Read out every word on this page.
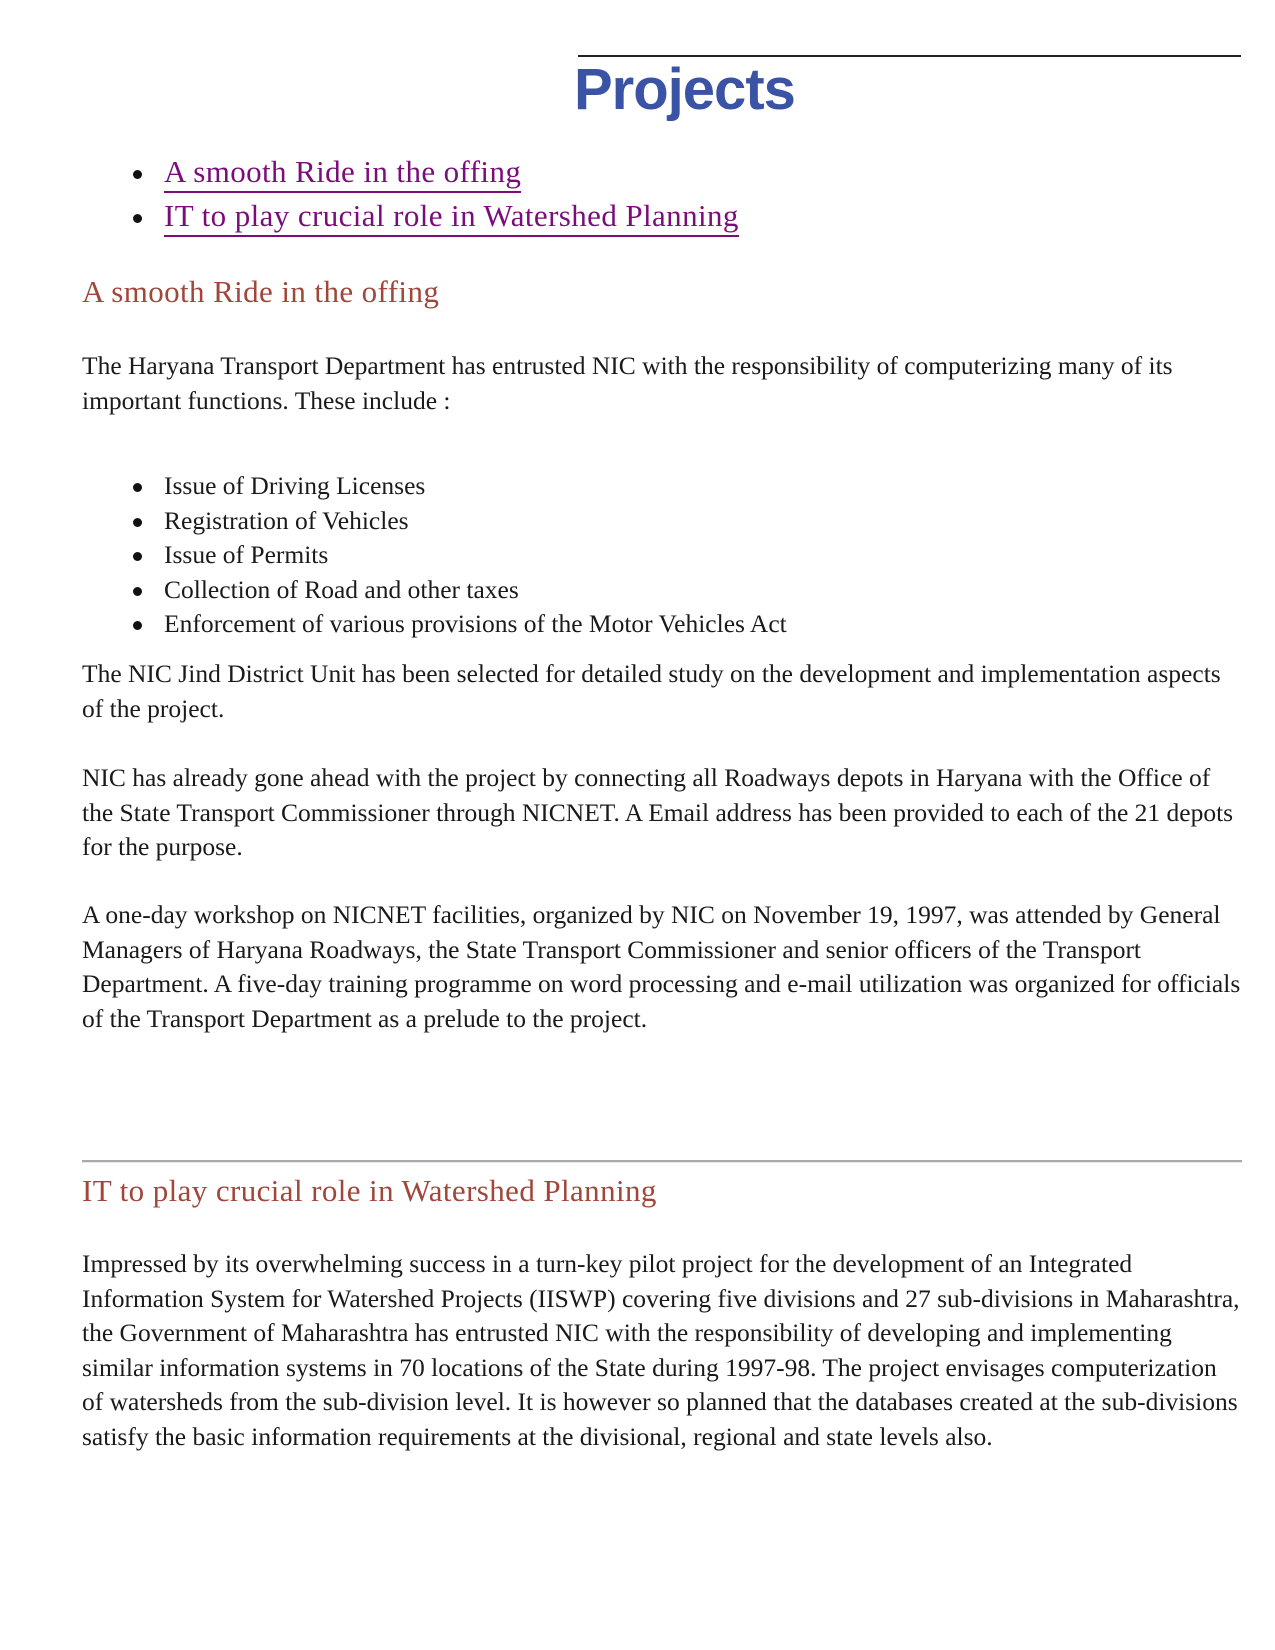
Projects
A smooth Ride in the offing
IT to play crucial role in Watershed Planning
A smooth Ride in the offing

The Haryana Transport Department has entrusted NIC with the responsibility of computerizing many of its important functions. These include :

Issue of Driving Licenses
Registration of Vehicles
Issue of Permits
Collection of Road and other taxes
Enforcement of various provisions of the Motor Vehicles Act

The NIC Jind District Unit has been selected for detailed study on the development and implementation aspects of the project.

NIC has already gone ahead with the project by connecting all Roadways depots in Haryana with the Office of the State Transport Commissioner through NICNET. A Email address has been provided to each of the 21 depots for the purpose.

A one-day workshop on NICNET facilities, organized by NIC on November 19, 1997, was attended by General Managers of Haryana Roadways, the State Transport Commissioner and senior officers of the Transport Department. A five-day training programme on word processing and e-mail utilization was organized for officials of the Transport Department as a prelude to the project.

IT to play crucial role in Watershed Planning

Impressed by its overwhelming success in a turn-key pilot project for the development of an Integrated Information System for Watershed Projects (IISWP) covering five divisions and 27 sub-divisions in Maharashtra, the Government of Maharashtra has entrusted NIC with the responsibility of developing and implementing similar information systems in 70 locations of the State during 1997-98. The project envisages computerization of watersheds from the sub-division level. It is however so planned that the databases created at the sub-divisions satisfy the basic information requirements at the divisional, regional and state levels also.
